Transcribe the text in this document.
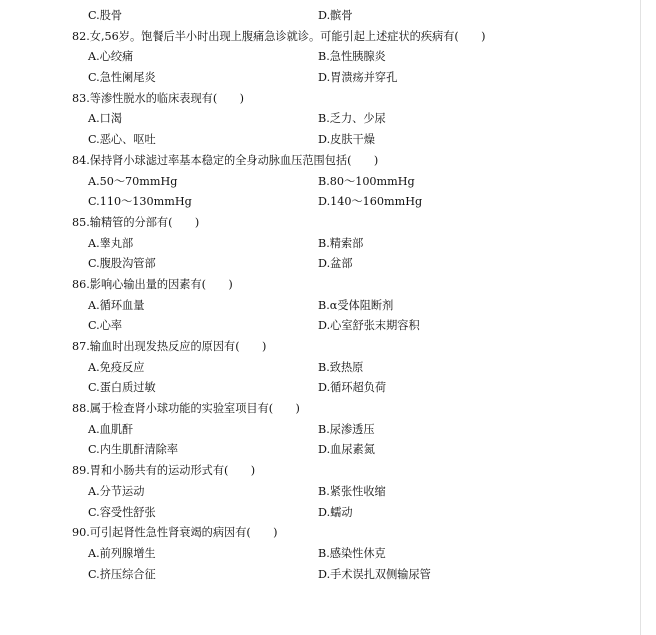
C.股骨	D.髌骨
82.女,56岁。饱餐后半小时出现上腹痛急诊就诊。可能引起上述症状的疾病有(　　)
A.心绞痛	B.急性胰腺炎
C.急性阑尾炎	D.胃溃疡并穿孔
83.等渗性脱水的临床表现有(　　)
A.口渴	B.乏力、少尿
C.恶心、呕吐	D.皮肤干燥
84.保持肾小球滤过率基本稳定的全身动脉血压范围包括(　　)
A.50～70mmHg	B.80～100mmHg
C.110～130mmHg	D.140～160mmHg
85.输精管的分部有(　　)
A.睾丸部	B.精索部
C.腹股沟管部	D.盆部
86.影响心输出量的因素有(　　)
A.循环血量	B.α受体阻断剂
C.心率	D.心室舒张末期容积
87.输血时出现发热反应的原因有(　　)
A.免疫反应	B.致热原
C.蛋白质过敏	D.循环超负荷
88.属于检查肾小球功能的实验室项目有(　　)
A.血肌酐	B.尿渗透压
C.内生肌酐清除率	D.血尿素氮
89.胃和小肠共有的运动形式有(　　)
A.分节运动	B.紧张性收缩
C.容受性舒张	D.蠕动
90.可引起肾性急性肾衰竭的病因有(　　)
A.前列腺增生	B.感染性休克
C.挤压综合征	D.手术误扎双侧输尿管
